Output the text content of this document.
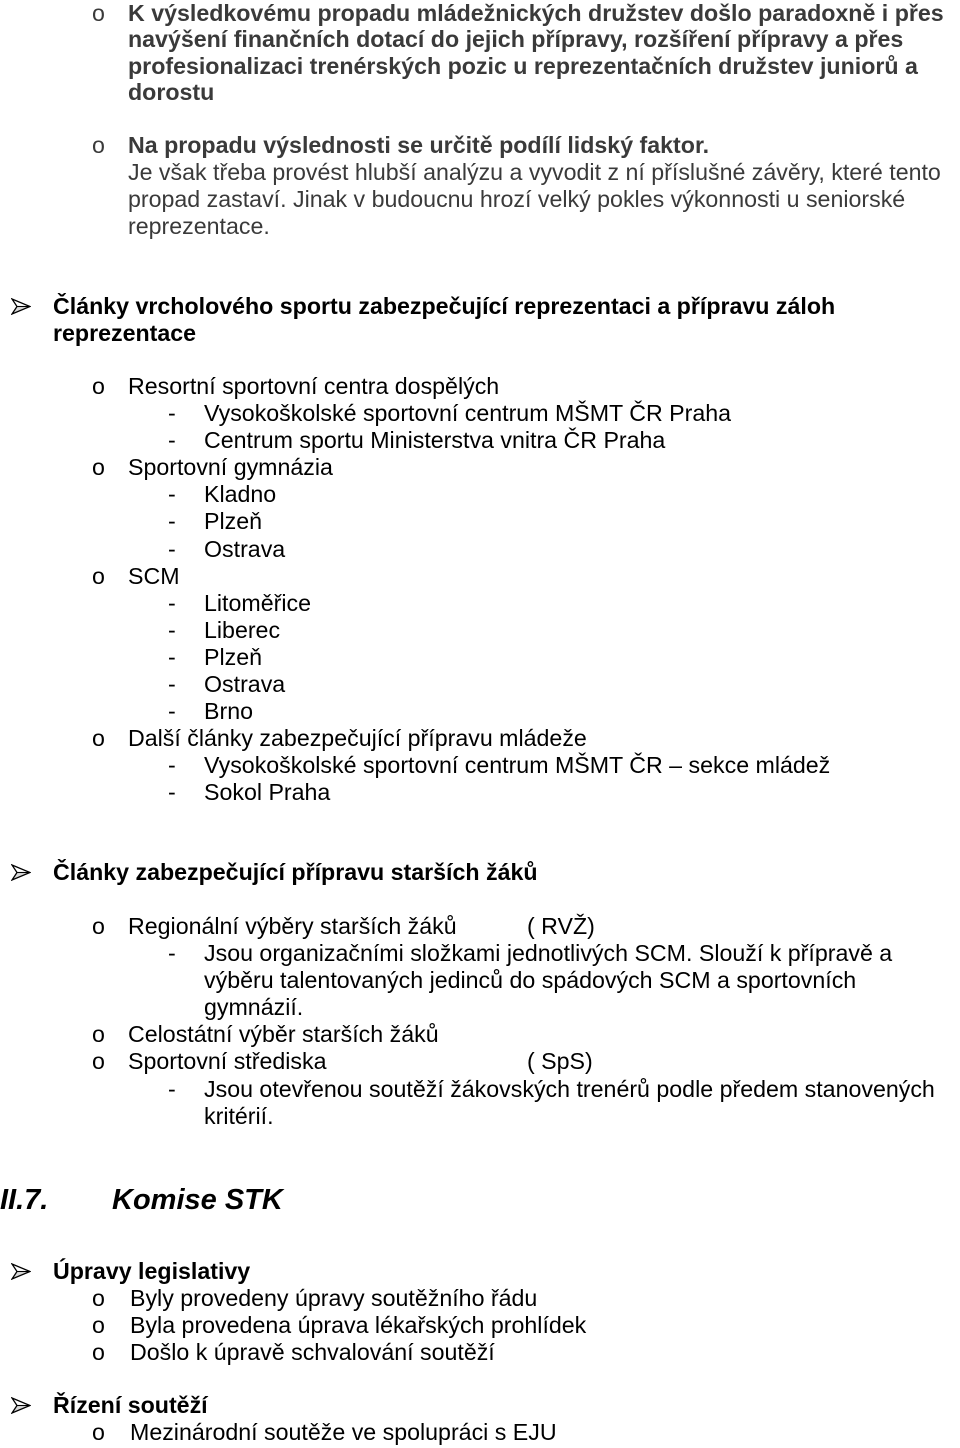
o K výsledkovému propadu mládežnických družstev došlo paradoxně i přes
navýšení finančních dotací do jejich přípravy, rozšíření přípravy a přes
profesionalizaci trenérských pozic u reprezentačních družstev juniorů a
dorostu
o Na propadu výslednosti se určitě podílí lidský faktor.
Je však třeba provést hlubší analýzu a vyvodit z ní příslušné závěry, které tento
propad zastaví. Jinak v budoucnu hrozí velký pokles výkonnosti u seniorské
reprezentace.
Články vrcholového sportu zabezpečující reprezentaci a přípravu záloh
reprezentace
o Resortní sportovní centra dospělých
- Vysokoškolské sportovní centrum MŠMT ČR Praha
- Centrum sportu Ministerstva vnitra ČR Praha
o Sportovní gymnázia
- Kladno
- Plzeň
- Ostrava
o SCM
- Litoměřice
- Liberec
- Plzeň
- Ostrava
- Brno
o Další články zabezpečující přípravu mládeže
- Vysokoškolské sportovní centrum MŠMT ČR – sekce mládež
- Sokol Praha
Články zabezpečující přípravu starších žáků
o Regionální výběry starších žáků	( RVŽ)
- Jsou organizačními složkami jednotlivých SCM. Slouží k přípravě a
výběru talentovaných jedinců do spádových SCM a sportovních
gymnázií.
o Celostátní výběr starších žáků
o Sportovní střediska	( SpS)
- Jsou otevřenou soutěží žákovských trenérů podle předem stanovených
kritérií.
II.7. Komise STK
Úpravy legislativy
o Byly provedeny úpravy soutěžního řádu
o Byla provedena úprava lékařských prohlídek
o Došlo k úpravě schvalování soutěží
Řízení soutěží
o Mezinárodní soutěže ve spolupráci s EJU
